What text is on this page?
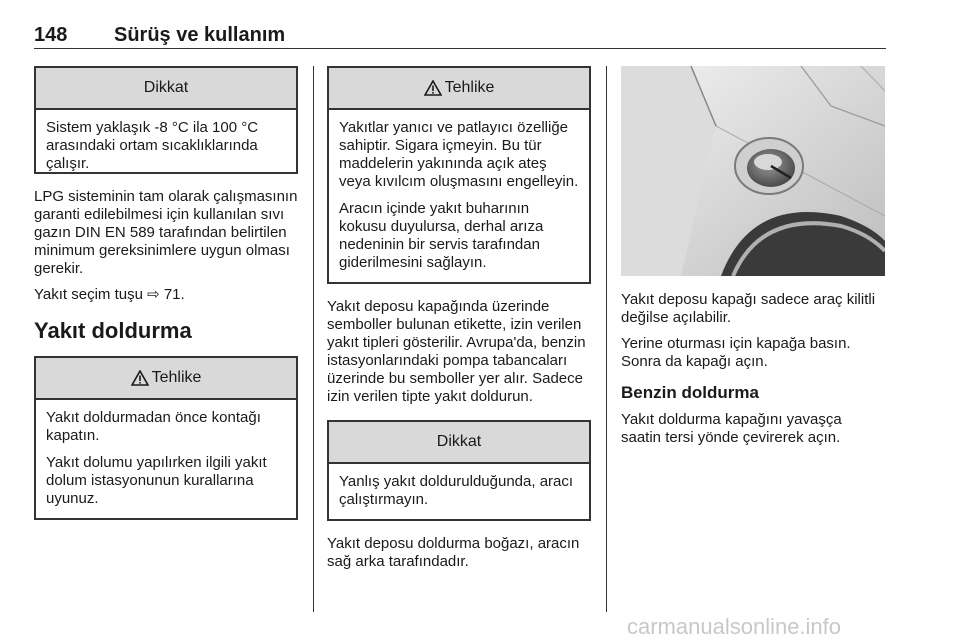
148 Sürüş ve kullanım
Dikkat

Sistem yaklaşık -8 °C ila 100 °C arasındaki ortam sıcaklıklarında çalışır.

LPG sisteminin tam olarak çalışmasının garanti edilebilmesi için kullanılan sıvı gazın DIN EN 589 tarafından belirtilen minimum gereksinimlere uygun olması gerekir.

Yakıt seçim tuşu ⇨ 71.

Yakıt doldurma
Tehlike

Yakıt doldurmadan önce kontağı kapatın.

Yakıt dolumu yapılırken ilgili yakıt dolum istasyonunun kurallarına uyunuz.

Tehlike

Yakıtlar yanıcı ve patlayıcı özelliğe sahiptir. Sigara içmeyin. Bu tür maddelerin yakınında açık ateş veya kıvılcım oluşmasını engelleyin.

Aracın içinde yakıt buharının kokusu duyulursa, derhal arıza nedeninin bir servis tarafından giderilmesini sağlayın.

Yakıt deposu kapağında üzerinde semboller bulunan etikette, izin verilen yakıt tipleri gösterilir. Avrupa'da, benzin istasyonlarındaki pompa tabancaları üzerinde bu semboller yer alır. Sadece izin verilen tipte yakıt doldurun.

Dikkat

Yanlış yakıt doldurulduğunda, aracı çalıştırmayın.

Yakıt deposu doldurma boğazı, aracın sağ arka tarafındadır.

Yakıt deposu kapağı sadece araç kilitli değilse açılabilir.

Yerine oturması için kapağa basın. Sonra da kapağı açın.

Benzin doldurma

Yakıt doldurma kapağını yavaşça saatin tersi yönde çevirerek açın.

carmanualsonline.info
